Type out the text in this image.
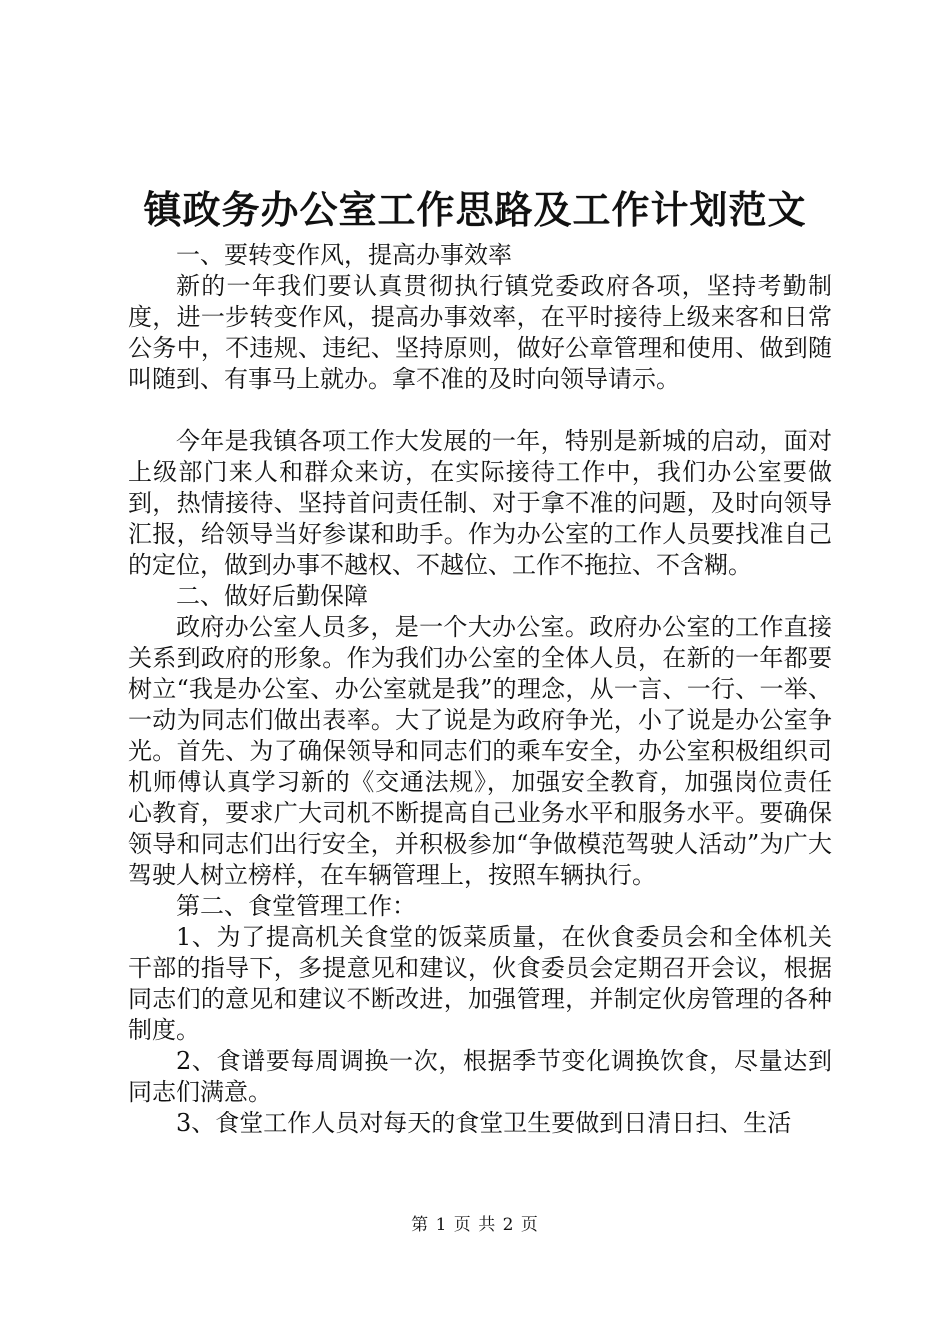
镇政务办公室工作思路及工作计划范文

一、要转变作风，提高办事效率

新的一年我们要认真贯彻执行镇党委政府各项，坚持考勤制度，进一步转变作风，提高办事效率，在平时接待上级来客和日常公务中，不违规、违纪、坚持原则，做好公章管理和使用、做到随叫随到、有事马上就办。拿不准的及时向领导请示。

今年是我镇各项工作大发展的一年，特别是新城的启动，面对上级部门来人和群众来访，在实际接待工作中，我们办公室要做到，热情接待、坚持首问责任制、对于拿不准的问题，及时向领导汇报，给领导当好参谋和助手。作为办公室的工作人员要找准自己的定位，做到办事不越权、不越位、工作不拖拉、不含糊。

二、做好后勤保障

政府办公室人员多，是一个大办公室。政府办公室的工作直接关系到政府的形象。作为我们办公室的全体人员，在新的一年都要树立“我是办公室、办公室就是我”的理念，从一言、一行、一举、一动为同志们做出表率。大了说是为政府争光，小了说是办公室争光。首先、为了确保领导和同志们的乘车安全，办公室积极组织司机师傅认真学习新的《交通法规》，加强安全教育，加强岗位责任心教育，要求广大司机不断提高自己业务水平和服务水平。要确保领导和同志们出行安全，并积极参加“争做模范驾驶人活动”为广大驾驶人树立榜样，在车辆管理上，按照车辆执行。

第二、食堂管理工作：

1、为了提高机关食堂的饭菜质量，在伙食委员会和全体机关干部的指导下，多提意见和建议，伙食委员会定期召开会议，根据同志们的意见和建议不断改进，加强管理，并制定伙房管理的各种制度。

2、食谱要每周调换一次，根据季节变化调换饮食，尽量达到同志们满意。

3、食堂工作人员对每天的食堂卫生要做到日清日扫、生活

第 1 页 共 2 页
